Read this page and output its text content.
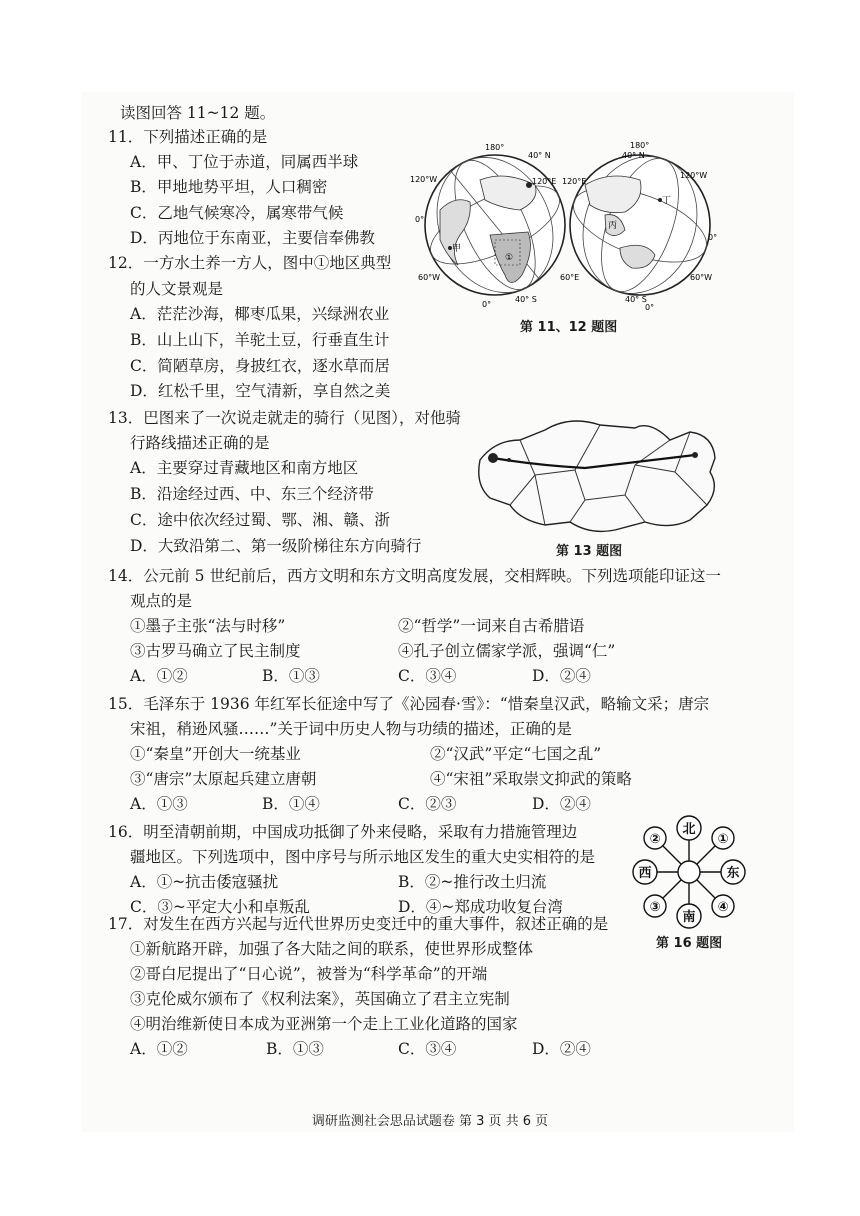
读图回答 11~12 题。
11．下列描述正确的是
A．甲、丁位于赤道，同属西半球
B．甲地地势平坦，人口稠密
C．乙地气候寒冷，属寒带气候
D．丙地位于东南亚，主要信奉佛教
12．一方水土养一方人，图中①地区典型
的人文景观是
A．茫茫沙海，椰枣瓜果，兴绿洲农业
B．山上山下，羊驼土豆，行垂直生计
C．简陋草房，身披红衣，逐水草而居
D．红松千里，空气清新，享自然之美
180°
40° N
120°E
120°W
0°
60°W
0°
40° S
甲
①
40° N
180°
120°E
120°W
丁
0°
60°E	60°W
40° S
丙
0°
第 11、12 题图
13．巴图来了一次说走就走的骑行（见图），对他骑
行路线描述正确的是
A．主要穿过青藏地区和南方地区
B．沿途经过西、中、东三个经济带
C．途中依次经过蜀、鄂、湘、赣、浙
D．大致沿第二、第一级阶梯往东方向骑行	第 13 题图
14．公元前 5 世纪前后，西方文明和东方文明高度发展，交相辉映。下列选项能印证这一
观点的是
①墨子主张“法与时移”	②“哲学”一词来自古希腊语
③古罗马确立了民主制度	④孔子创立儒家学派，强调“仁”
A．①②	B．①③	C．③④	D．②④
15．毛泽东于 1936 年红军长征途中写了《沁园春·雪》：“惜秦皇汉武，略输文采；唐宗
宋祖，稍逊风骚……”关于词中历史人物与功绩的描述，正确的是
①“秦皇”开创大一统基业	②“汉武”平定“七国之乱”
③“唐宗”太原起兵建立唐朝	④“宋祖”采取崇文抑武的策略
A．①③	B．①④	C．②③	D．②④
16．明至清朝前期，中国成功抵御了外来侵略，采取有力措施管理边
疆地区。下列选项中，图中序号与所示地区发生的重大史实相符的是
A．①~抗击倭寇骚扰	B．②~推行改土归流
C．③~平定大小和卓叛乱	D．④~郑成功收复台湾
北
南
西	东
②	①
③	④
第 16 题图
17．对发生在西方兴起与近代世界历史变迁中的重大事件，叙述正确的是
①新航路开辟，加强了各大陆之间的联系，使世界形成整体
②哥白尼提出了“日心说”，被誉为“科学革命”的开端
③克伦威尔颁布了《权利法案》，英国确立了君主立宪制
④明治维新使日本成为亚洲第一个走上工业化道路的国家
A．①②	B．①③	C．③④	D．②④
调研监测社会思品试题卷 第 3 页 共 6 页
